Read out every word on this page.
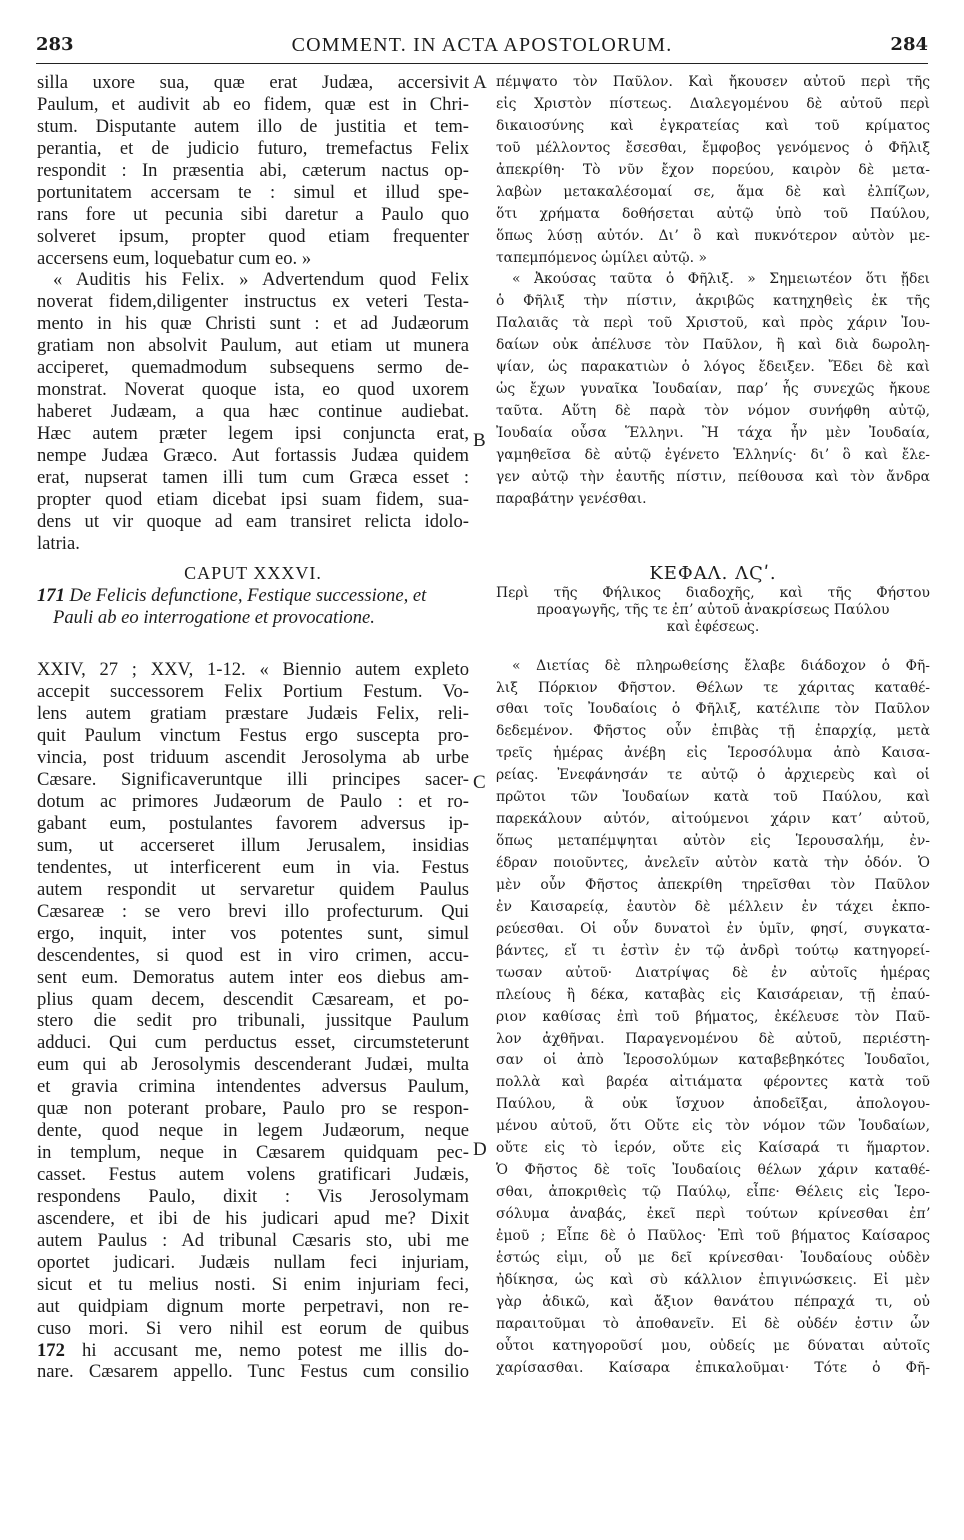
283	COMMENT. IN ACTA APOSTOLORUM.	284
silla uxore sua, quæ erat Judæa, accersivit
Paulum, et audivit ab eo fidem, quæ est in Chri-
stum. Disputante autem illo de justitia et tem-
perantia, et de judicio futuro, tremefactus Felix
respondit : In præsentia abi, cæterum nactus op-
portunitatem accersam te : simul et illud spe-
rans fore ut pecunia sibi daretur a Paulo quo
solveret ipsum, propter quod etiam frequenter
accersens eum, loquebatur cum eo. »
« Auditis his Felix. » Advertendum quod Felix
noverat fidem,diligenter instructus ex veteri Testa-
mento in his quæ Christi sunt : et ad Judæorum
gratiam non absolvit Paulum, aut etiam ut munera
acciperet, quemadmodum subsequens sermo de-
monstrat. Noverat quoque ista, eo quod uxorem
haberet Judæam, a qua hæc continue audiebat.
Hæc autem præter legem ipsi conjuncta erat,
nempe Judæa Græco. Aut fortassis Judæa quidem
erat, nupserat tamen illi tum cum Græca esset :
propter quod etiam dicebat ipsi suam fidem, sua-
dens ut vir quoque ad eam transiret relicta idolo-
latria.
CAPUT XXXVI.
171 De Felicis defunctione, Festique successione, et
Pauli ab eo interrogatione et provocatione.
XXIV, 27 ; XXV, 1-12. « Biennio autem expleto
accepit successorem Felix Portium Festum. Vo-
lens autem gratiam præstare Judæis Felix, reli-
quit Paulum vinctum Festus ergo suscepta pro-
vincia, post triduum ascendit Jerosolyma ab urbe
Cæsare. Significaveruntque illi principes sacer-
dotum ac primores Judæorum de Paulo : et ro-
gabant eum, postulantes favorem adversus ip-
sum, ut accerseret illum Jerusalem, insidias
tendentes, ut interficerent eum in via. Festus
autem respondit ut servaretur quidem Paulus
Cæsareæ : se vero brevi illo profecturum. Qui
ergo, inquit, inter vos potentes sunt, simul
descendentes, si quod est in viro crimen, accu-
sent eum. Demoratus autem inter eos diebus am-
plius quam decem, descendit Cæsaream, et po-
stero die sedit pro tribunali, jussitque Paulum
adduci. Qui cum perductus esset, circumsteterunt
eum qui ab Jerosolymis descenderant Judæi, multa
et gravia crimina intendentes adversus Paulum,
quæ non poterant probare, Paulo pro se respon-
dente, quod neque in legem Judæorum, neque
in templum, neque in Cæsarem quidquam pec-
casset. Festus autem volens gratificari Judæis,
respondens Paulo, dixit : Vis Jerosolymam
ascendere, et ibi de his judicari apud me? Dixit
autem Paulus : Ad tribunal Cæsaris sto, ubi me
oportet judicari. Judæis nullam feci injuriam,
sicut et tu melius nosti. Si enim injuriam feci,
aut quidpiam dignum morte perpetravi, non re-
cuso mori. Si vero nihil est eorum de quibus
172 hi accusant me, nemo potest me illis do-
nare. Cæsarem appello. Tunc Festus cum consilio
A
B
C
D
πέμψατο τὸν Παῦλον. Καὶ ἤκουσεν αὐτοῦ περὶ τῆς
εἰς Χριστὸν πίστεως. Διαλεγομένου δὲ αὐτοῦ περὶ
δικαιοσύνης καὶ ἐγκρατείας καὶ τοῦ κρίματος
τοῦ μέλλοντος ἔσεσθαι, ἔμφοβος γενόμενος ὁ Φῆλιξ
ἀπεκρίθη· Τὸ νῦν ἔχον πορεύου, καιρὸν δὲ μετα-
λαβὼν μετακαλέσομαί σε, ἅμα δὲ καὶ ἐλπίζων,
ὅτι χρήματα δοθήσεται αὐτῷ ὑπὸ τοῦ Παύλου,
ὅπως λύσῃ αὐτόν. Διʼ ὃ καὶ πυκνότερον αὐτὸν με-
ταπεμπόμενος ὡμίλει αὐτῷ. »
« Ἀκούσας ταῦτα ὁ Φῆλιξ. » Σημειωτέον ὅτι ᾔδει
ὁ Φῆλιξ τὴν πίστιν, ἀκριβῶς κατηχηθεὶς ἐκ τῆς
Παλαιᾶς τὰ περὶ τοῦ Χριστοῦ, καὶ πρὸς χάριν Ἰου-
δαίων οὐκ ἀπέλυσε τὸν Παῦλον, ἢ καὶ διὰ δωρολη-
ψίαν, ὡς παρακατιὼν ὁ λόγος ἔδειξεν. Ἔδει δὲ καὶ
ὡς ἔχων γυναῖκα Ἰουδαίαν, παρʼ ἧς συνεχῶς ἤκουε
ταῦτα. Αὕτη δὲ παρὰ τὸν νόμον συνήφθη αὐτῷ,
Ἰουδαία οὖσα Ἕλληνι. Ἢ τάχα ἦν μὲν Ἰουδαία,
γαμηθεῖσα δὲ αὐτῷ ἐγένετο Ἑλληνίς· διʼ ὃ καὶ ἔλε-
γεν αὐτῷ τὴν ἑαυτῆς πίστιν, πείθουσα καὶ τὸν ἄνδρα
παραβάτην γενέσθαι.
ΚΕΦΑΛ. ΛϚʹ.
Περὶ τῆς Φήλικος διαδοχῆς, καὶ τῆς Φήστου
προαγωγῆς, τῆς τε ἐπʼ αὐτοῦ ἀνακρίσεως Παύλου
καὶ ἐφέσεως.
« Διετίας δὲ πληρωθείσης ἔλαβε διάδοχον ὁ Φῆ-
λιξ Πόρκιον Φῆστον. Θέλων τε χάριτας καταθέ-
σθαι τοῖς Ἰουδαίοις ὁ Φῆλιξ, κατέλιπε τὸν Παῦλον
δεδεμένον. Φῆστος οὖν ἐπιβὰς τῇ ἐπαρχίᾳ, μετὰ
τρεῖς ἡμέρας ἀνέβη εἰς Ἱεροσόλυμα ἀπὸ Καισα-
ρείας. Ἐνεφάνησάν τε αὐτῷ ὁ ἀρχιερεὺς καὶ οἱ
πρῶτοι τῶν Ἰουδαίων κατὰ τοῦ Παύλου, καὶ
παρεκάλουν αὐτόν, αἰτούμενοι χάριν κατʼ αὐτοῦ,
ὅπως μεταπέμψηται αὐτὸν εἰς Ἱερουσαλήμ, ἐν-
έδραν ποιοῦντες, ἀνελεῖν αὐτὸν κατὰ τὴν ὁδόν. Ὁ
μὲν οὖν Φῆστος ἀπεκρίθη τηρεῖσθαι τὸν Παῦλον
ἐν Καισαρείᾳ, ἑαυτὸν δὲ μέλλειν ἐν τάχει ἐκπο-
ρεύεσθαι. Οἱ οὖν δυνατοὶ ἐν ὑμῖν, φησί, συγκατα-
βάντες, εἴ τι ἐστὶν ἐν τῷ ἀνδρὶ τούτῳ κατηγορεί-
τωσαν αὐτοῦ· Διατρίψας δὲ ἐν αὐτοῖς ἡμέρας
πλείους ἢ δέκα, καταβὰς εἰς Καισάρειαν, τῇ ἐπαύ-
ριον καθίσας ἐπὶ τοῦ βήματος, ἐκέλευσε τὸν Παῦ-
λον ἀχθῆναι. Παραγενομένου δὲ αὐτοῦ, περιέστη-
σαν οἱ ἀπὸ Ἱεροσολύμων καταβεβηκότες Ἰουδαῖοι,
πολλὰ καὶ βαρέα αἰτιάματα φέροντες κατὰ τοῦ
Παύλου, ἃ οὐκ ἴσχυον ἀποδεῖξαι, ἀπολογου-
μένου αὐτοῦ, ὅτι Οὔτε εἰς τὸν νόμον τῶν Ἰουδαίων,
οὔτε εἰς τὸ ἱερόν, οὔτε εἰς Καίσαρά τι ἥμαρτον.
Ὁ Φῆστος δὲ τοῖς Ἰουδαίοις θέλων χάριν καταθέ-
σθαι, ἀποκριθεὶς τῷ Παύλῳ, εἶπε· Θέλεις εἰς Ἱερο-
σόλυμα ἀναβάς, ἐκεῖ περὶ τούτων κρίνεσθαι ἐπʼ
ἐμοῦ ; Εἶπε δὲ ὁ Παῦλος· Ἐπὶ τοῦ βήματος Καίσαρος
ἑστώς εἰμι, οὗ με δεῖ κρίνεσθαι· Ἰουδαίους οὐδὲν
ἠδίκησα, ὡς καὶ σὺ κάλλιον ἐπιγινώσκεις. Εἰ μὲν
γὰρ ἀδικῶ, καὶ ἄξιον θανάτου πέπραχά τι, οὐ
παραιτοῦμαι τὸ ἀποθανεῖν. Εἰ δὲ οὐδέν ἐστιν ὧν
οὗτοι κατηγοροῦσί μου, οὐδείς με δύναται αὐτοῖς
χαρίσασθαι. Καίσαρα ἐπικαλοῦμαι· Τότε ὁ Φῆ-
